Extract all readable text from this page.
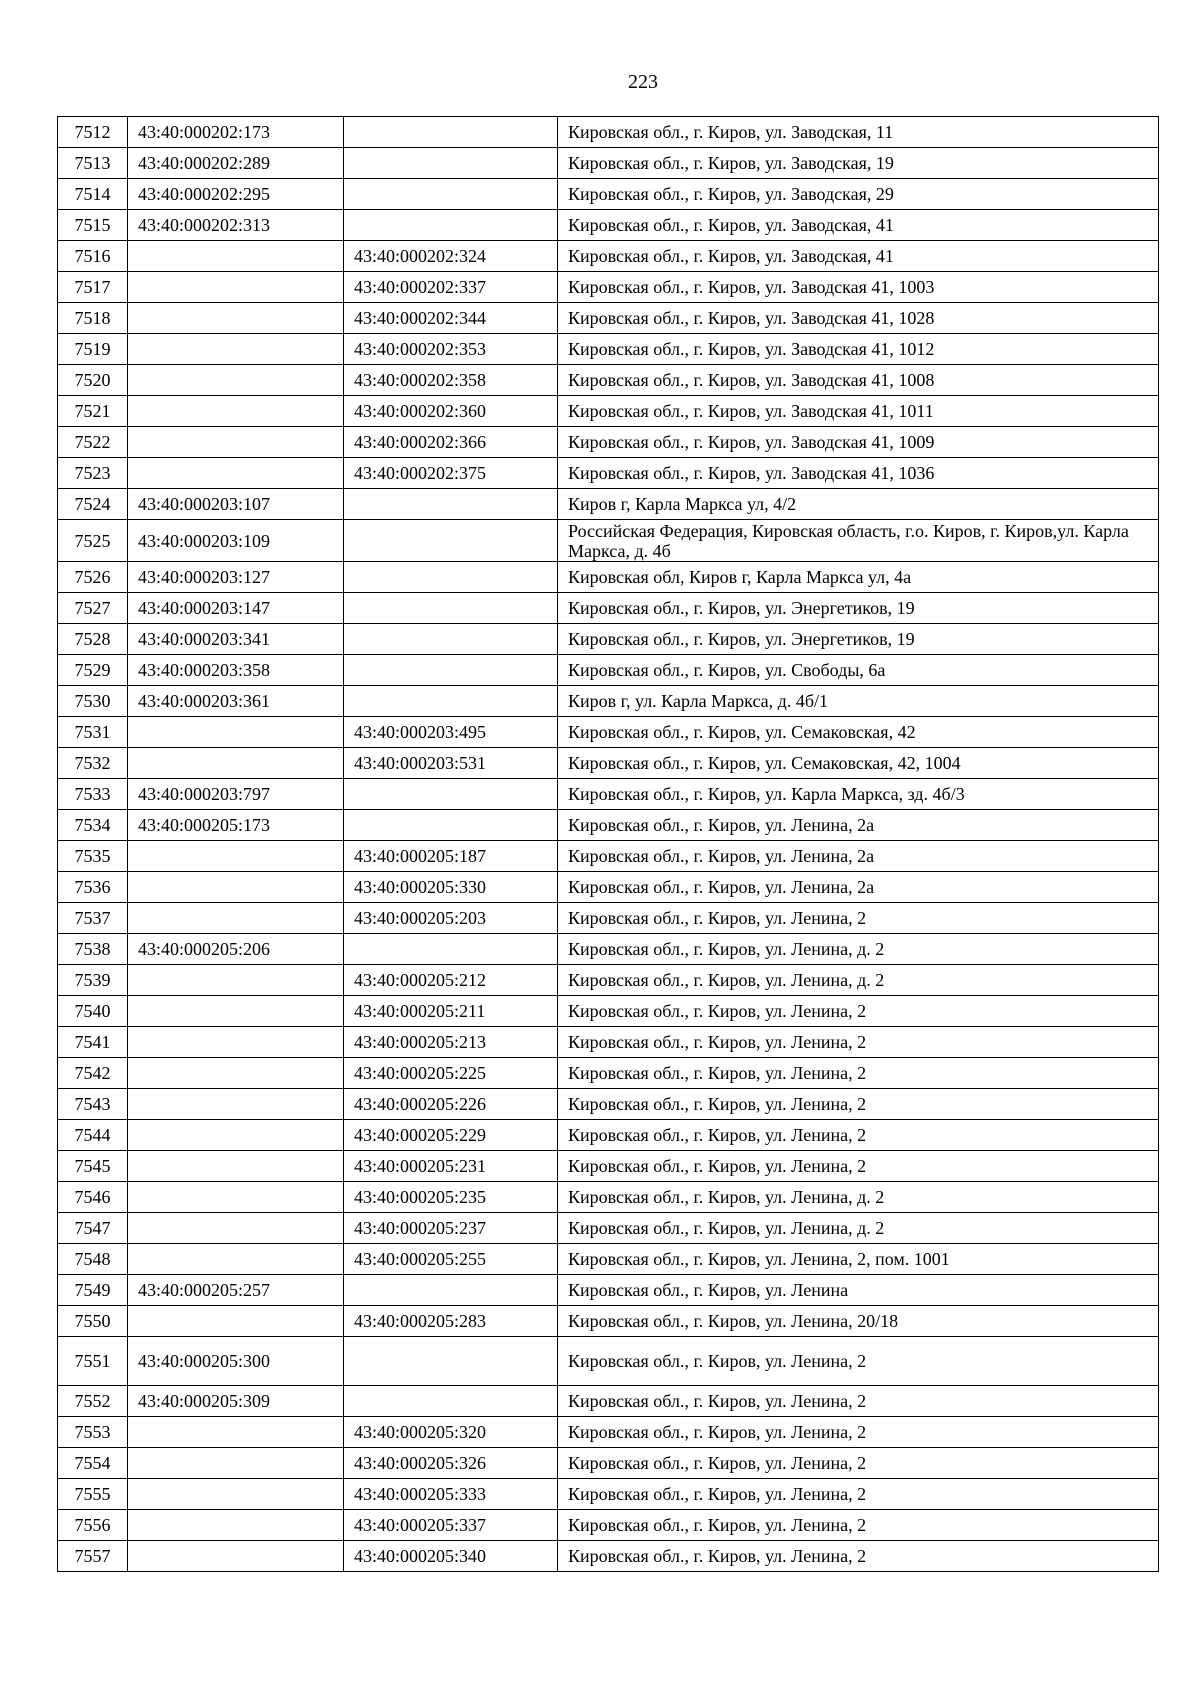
223
7512	43:40:000202:173		Кировская обл., г. Киров, ул. Заводская, 11
7513	43:40:000202:289		Кировская обл., г. Киров, ул. Заводская, 19
7514	43:40:000202:295		Кировская обл., г. Киров, ул. Заводская, 29
7515	43:40:000202:313		Кировская обл., г. Киров, ул. Заводская, 41
7516		43:40:000202:324	Кировская обл., г. Киров, ул. Заводская, 41
7517		43:40:000202:337	Кировская обл., г. Киров, ул. Заводская 41, 1003
7518		43:40:000202:344	Кировская обл., г. Киров, ул. Заводская 41, 1028
7519		43:40:000202:353	Кировская обл., г. Киров, ул. Заводская 41, 1012
7520		43:40:000202:358	Кировская обл., г. Киров, ул. Заводская 41, 1008
7521		43:40:000202:360	Кировская обл., г. Киров, ул. Заводская 41, 1011
7522		43:40:000202:366	Кировская обл., г. Киров, ул. Заводская 41, 1009
7523		43:40:000202:375	Кировская обл., г. Киров, ул. Заводская 41, 1036
7524	43:40:000203:107		Киров г, Карла Маркса ул, 4/2
7525	43:40:000203:109		Российская Федерация, Кировская область, г.о. Киров, г. Киров,ул. Карла Маркса, д. 4б
7526	43:40:000203:127		Кировская обл, Киров г, Карла Маркса ул, 4а
7527	43:40:000203:147		Кировская обл., г. Киров, ул. Энергетиков, 19
7528	43:40:000203:341		Кировская обл., г. Киров, ул. Энергетиков, 19
7529	43:40:000203:358		Кировская обл., г. Киров, ул. Свободы, 6а
7530	43:40:000203:361		Киров г, ул. Карла Маркса, д. 4б/1
7531		43:40:000203:495	Кировская обл., г. Киров, ул. Семаковская, 42
7532		43:40:000203:531	Кировская обл., г. Киров, ул. Семаковская, 42, 1004
7533	43:40:000203:797		Кировская обл., г. Киров, ул. Карла Маркса, зд. 4б/3
7534	43:40:000205:173		Кировская обл., г. Киров, ул. Ленина, 2а
7535		43:40:000205:187	Кировская обл., г. Киров, ул. Ленина, 2а
7536		43:40:000205:330	Кировская обл., г. Киров, ул. Ленина, 2а
7537		43:40:000205:203	Кировская обл., г. Киров, ул. Ленина, 2
7538	43:40:000205:206		Кировская обл., г. Киров, ул. Ленина, д. 2
7539		43:40:000205:212	Кировская обл., г. Киров, ул. Ленина, д. 2
7540		43:40:000205:211	Кировская обл., г. Киров, ул. Ленина, 2
7541		43:40:000205:213	Кировская обл., г. Киров, ул. Ленина, 2
7542		43:40:000205:225	Кировская обл., г. Киров, ул. Ленина, 2
7543		43:40:000205:226	Кировская обл., г. Киров, ул. Ленина, 2
7544		43:40:000205:229	Кировская обл., г. Киров, ул. Ленина, 2
7545		43:40:000205:231	Кировская обл., г. Киров, ул. Ленина, 2
7546		43:40:000205:235	Кировская обл., г. Киров, ул. Ленина, д. 2
7547		43:40:000205:237	Кировская обл., г. Киров, ул. Ленина, д. 2
7548		43:40:000205:255	Кировская обл., г. Киров, ул. Ленина, 2, пом. 1001
7549	43:40:000205:257		Кировская обл., г. Киров, ул. Ленина
7550		43:40:000205:283	Кировская обл., г. Киров, ул. Ленина, 20/18
7551	43:40:000205:300		Кировская обл., г. Киров, ул. Ленина, 2
7552	43:40:000205:309		Кировская обл., г. Киров, ул. Ленина, 2
7553		43:40:000205:320	Кировская обл., г. Киров, ул. Ленина, 2
7554		43:40:000205:326	Кировская обл., г. Киров, ул. Ленина, 2
7555		43:40:000205:333	Кировская обл., г. Киров, ул. Ленина, 2
7556		43:40:000205:337	Кировская обл., г. Киров, ул. Ленина, 2
7557		43:40:000205:340	Кировская обл., г. Киров, ул. Ленина, 2
